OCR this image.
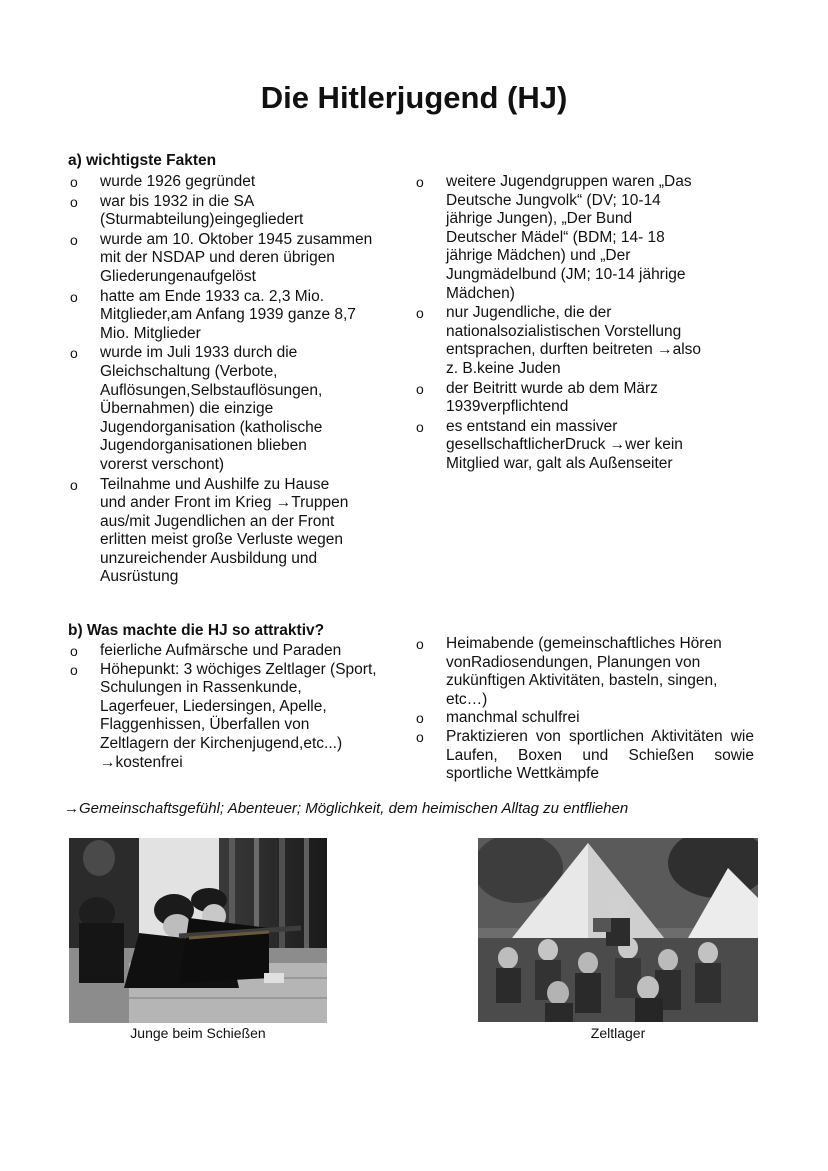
Die Hitlerjugend (HJ)
a) wichtigste Fakten
o wurde 1926 gegründet
o war bis 1932 in die SA
(Sturmabteilung)eingegliedert
o wurde am 10. Oktober 1945 zusammen
mit der NSDAP und deren übrigen
Gliederungenaufgelöst
o hatte am Ende 1933 ca. 2,3 Mio.
Mitglieder,am Anfang 1939 ganze 8,7
Mio. Mitglieder
o wurde im Juli 1933 durch die
Gleichschaltung (Verbote,
Auflösungen,Selbstauflösungen,
Übernahmen) die einzige
Jugendorganisation (katholische
Jugendorganisationen blieben
vorerst verschont)
o Teilnahme und Aushilfe zu Hause
und ander Front im Krieg →Truppen
aus/mit Jugendlichen an der Front
erlitten meist große Verluste wegen
unzureichender Ausbildung und
Ausrüstung
o weitere Jugendgruppen waren „Das
Deutsche Jungvolk“ (DV; 10-14
jährige Jungen), „Der Bund
Deutscher Mädel“ (BDM; 14- 18
jährige Mädchen) und „Der
Jungmädelbund (JM; 10-14 jährige
Mädchen)
o nur Jugendliche, die der
nationalsozialistischen Vorstellung
entsprachen, durften beitreten →also
z. B.keine Juden
o der Beitritt wurde ab dem März
1939verpflichtend
o es entstand ein massiver
gesellschaftlicherDruck →wer kein
Mitglied war, galt als Außenseiter
b) Was machte die HJ so attraktiv?
o feierliche Aufmärsche und Paraden
o Höhepunkt: 3 wöchiges Zeltlager (Sport,
Schulungen in Rassenkunde,
Lagerfeuer, Liedersingen, Apelle,
Flaggenhissen, Überfallen von
Zeltlagern der Kirchenjugend,etc...)
→kostenfrei
o Heimabende (gemeinschaftliches Hören
vonRadiosendungen, Planungen von
zukünftigen Aktivitäten, basteln, singen,
etc…)
o manchmal schulfrei
o Praktizieren von sportlichen Aktivitäten wie Laufen, Boxen und Schießen sowie sportliche Wettkämpfe

→Gemeinschaftsgefühl; Abenteuer; Möglichkeit, dem heimischen Alltag zu entfliehen

Junge beim Schießen	Zeltlager
